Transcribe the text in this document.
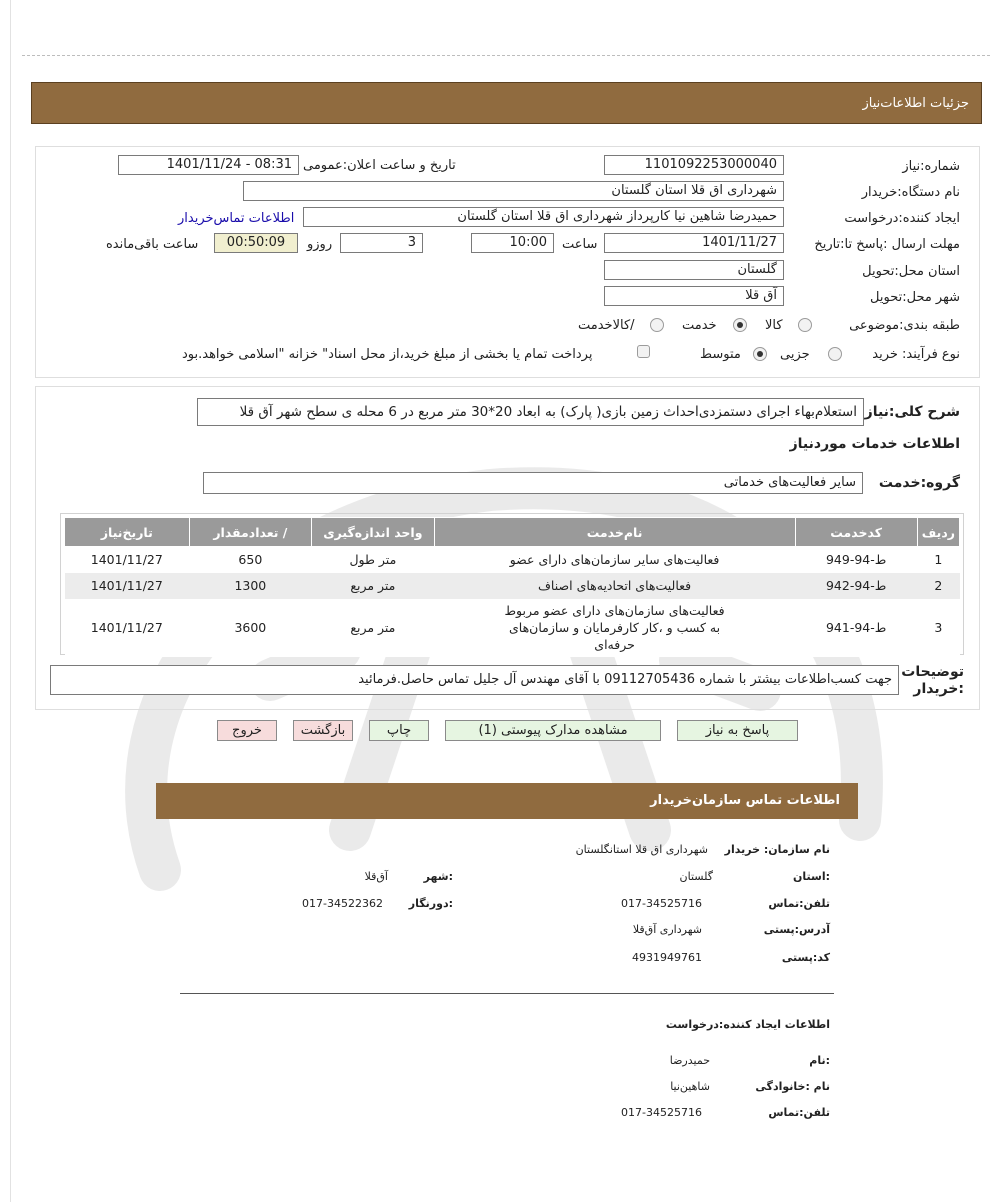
جزئیات اطلاعات‌نیاز
شماره:نیاز
1101092253000040
تاریخ و ساعت اعلان:عمومی
1401/11/24 - 08:31
نام دستگاه:خریدار
شهرداری اق قلا استان گلستان
ایجاد کننده:درخواست
حمیدرضا شاهین نیا کارپرداز شهرداری اق قلا استان گلستان
اطلاعات تماس‌خریدار
مهلت ارسال :پاسخ تا:تاریخ
1401/11/27
ساعت
10:00
3
روزو
00:50:09
ساعت باقی‌مانده
استان محل:تحویل
گلستان
شهر محل:تحویل
آق قلا
طبقه بندی:موضوعی
کالا
خدمت
/کالاخدمت
نوع فرآیند: خرید
جزیی
متوسط
پرداخت تمام یا بخشی از مبلغ خرید،از محل اسناد" خزانه "اسلامی خواهد.بود
شرح کلی:نیاز
استعلام‌بهاء اجرای دستمزدی‌احداث زمین بازی( پارک) به ابعاد 20*30 متر مربع در 6 محله ی سطح شهر آق قلا
اطلاعات خدمات موردنیاز
گروه:خدمت
سایر فعالیت‌های خدماتی
ردیف	کدخدمت	نام‌خدمت	واحد اندازه‌گیری	/ تعدادمقدار	تاریخ‌نیاز
1	ط-94-949	فعالیت‌های سایر سازمان‌های دارای عضو	متر طول	650	1401/11/27
2	ط-94-942	فعالیت‌های اتحادیه‌های اصناف	متر مربع	1300	1401/11/27
3	ط-94-941	فعالیت‌های سازمان‌های دارای عضو مربوط به کسب و ،کار کارفرمایان و سازمان‌های حرفه‌ای	متر مربع	3600	1401/11/27
توضیحات :خریدار
جهت کسب‌اطلاعات بیشتر با شماره 09112705436 با آقای مهندس آل جلیل تماس حاصل.فرمائید
پاسخ به نیاز
مشاهده مدارک پیوستی (1)
چاپ
بازگشت
خروج
اطلاعات تماس سازمان‌خریدار
نام سازمان: خریدار
شهرداری اق قلا استانگلستان
:استان
گلستان
:شهر
آق‌قلا
تلفن:تماس
017-34525716
:دورنگار
017-34522362
آدرس:پستی
شهرداری آق‌قلا
کد:پستی
4931949761
اطلاعات ایجاد کننده:درخواست
:نام
حمیدرضا
نام :خانوادگی
شاهین‌نیا
تلفن:تماس
017-34525716
